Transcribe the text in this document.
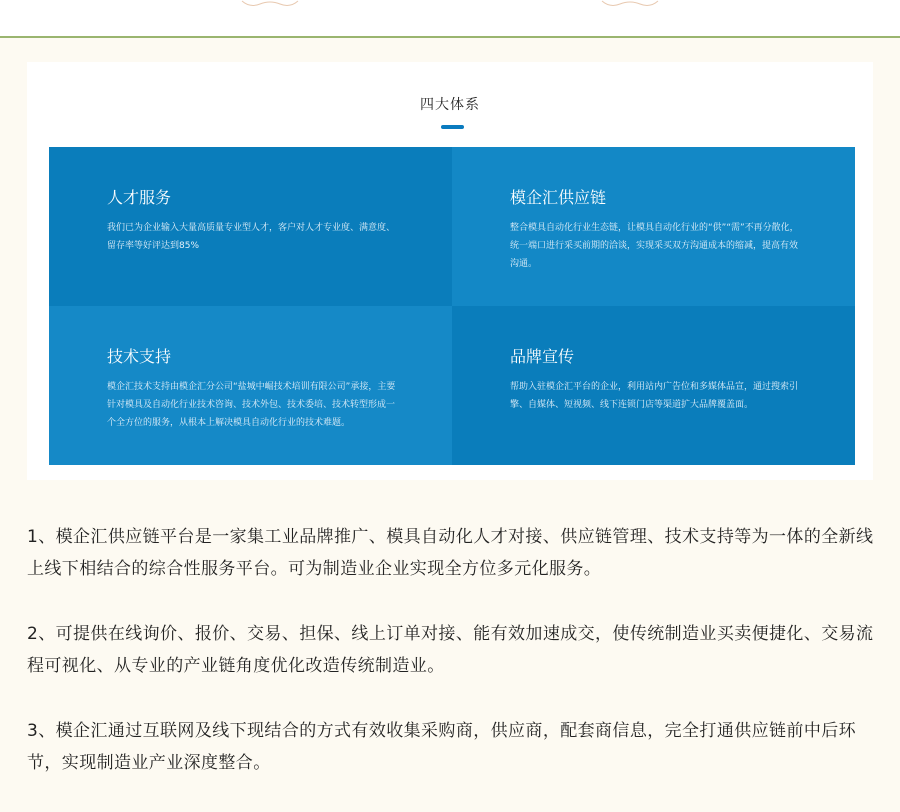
四大体系
人才服务

我们已为企业输入大量高质量专业型人才，客户对人才专业度、满意度、留存率等好评达到85%

模企汇供应链

整合模具自动化行业生态链，让模具自动化行业的“供”“需”不再分散化，统一端口进行采买前期的洽谈，实现采买双方沟通成本的缩减，提高有效沟通。

技术支持

模企汇技术支持由模企汇分公司“盐城中崛技术培训有限公司”承接，主要针对模具及自动化行业技术咨询、技术外包、技术委培、技术转型形成一个全方位的服务，从根本上解决模具自动化行业的技术难题。

品牌宣传

帮助入驻模企汇平台的企业，利用站内广告位和多媒体品宣，通过搜索引擎、自媒体、短视频、线下连锁门店等渠道扩大品牌覆盖面。

1、模企汇供应链平台是一家集工业品牌推广、模具自动化人才对接、供应链管理、技术支持等为一体的全新线上线下相结合的综合性服务平台。可为制造业企业实现全方位多元化服务。

2、可提供在线询价、报价、交易、担保、线上订单对接、能有效加速成交，使传统制造业买卖便捷化、交易流程可视化、从专业的产业链角度优化改造传统制造业。

3、模企汇通过互联网及线下现结合的方式有效收集采购商，供应商，配套商信息，完全打通供应链前中后环节，实现制造业产业深度整合。
